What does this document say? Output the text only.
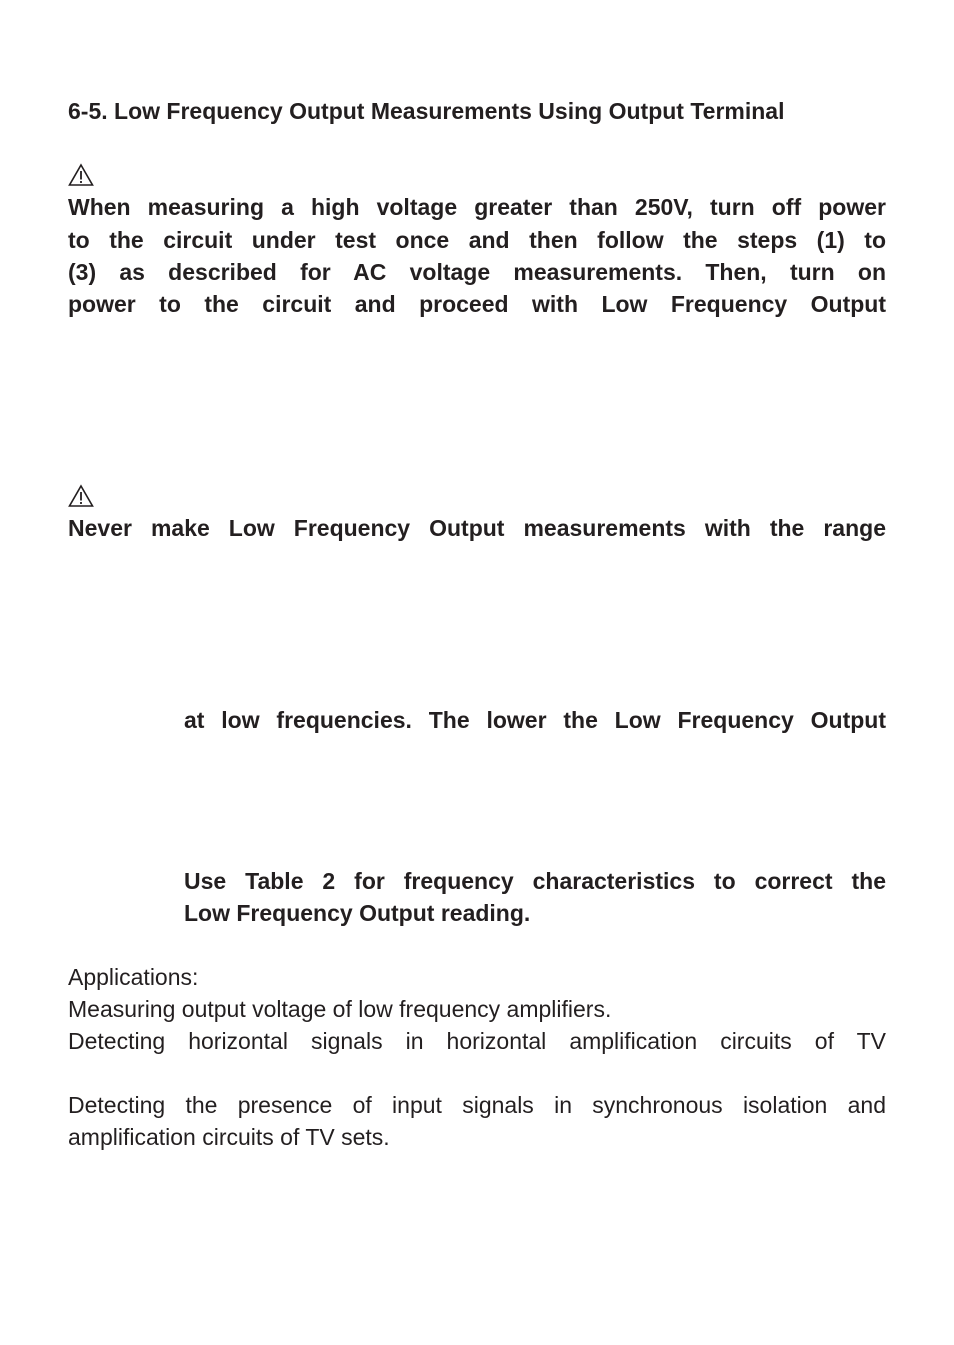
6-5. Low Frequency Output Measurements Using Output Terminal
When measuring a high voltage greater than 250V, turn off power
to the circuit under test once and then follow the steps (1) to
(3) as described for AC voltage measurements. Then, turn on
power to the circuit and proceed with Low Frequency Output
Never make Low Frequency Output measurements with the range
at low frequencies. The lower the Low Frequency Output
Use Table 2 for frequency characteristics to correct the
Low Frequency Output reading.
Applications:
Measuring output voltage of low frequency amplifiers.
Detecting horizontal signals in horizontal amplification circuits of TV
Detecting the presence of input signals in synchronous isolation and
amplification circuits of TV sets.
